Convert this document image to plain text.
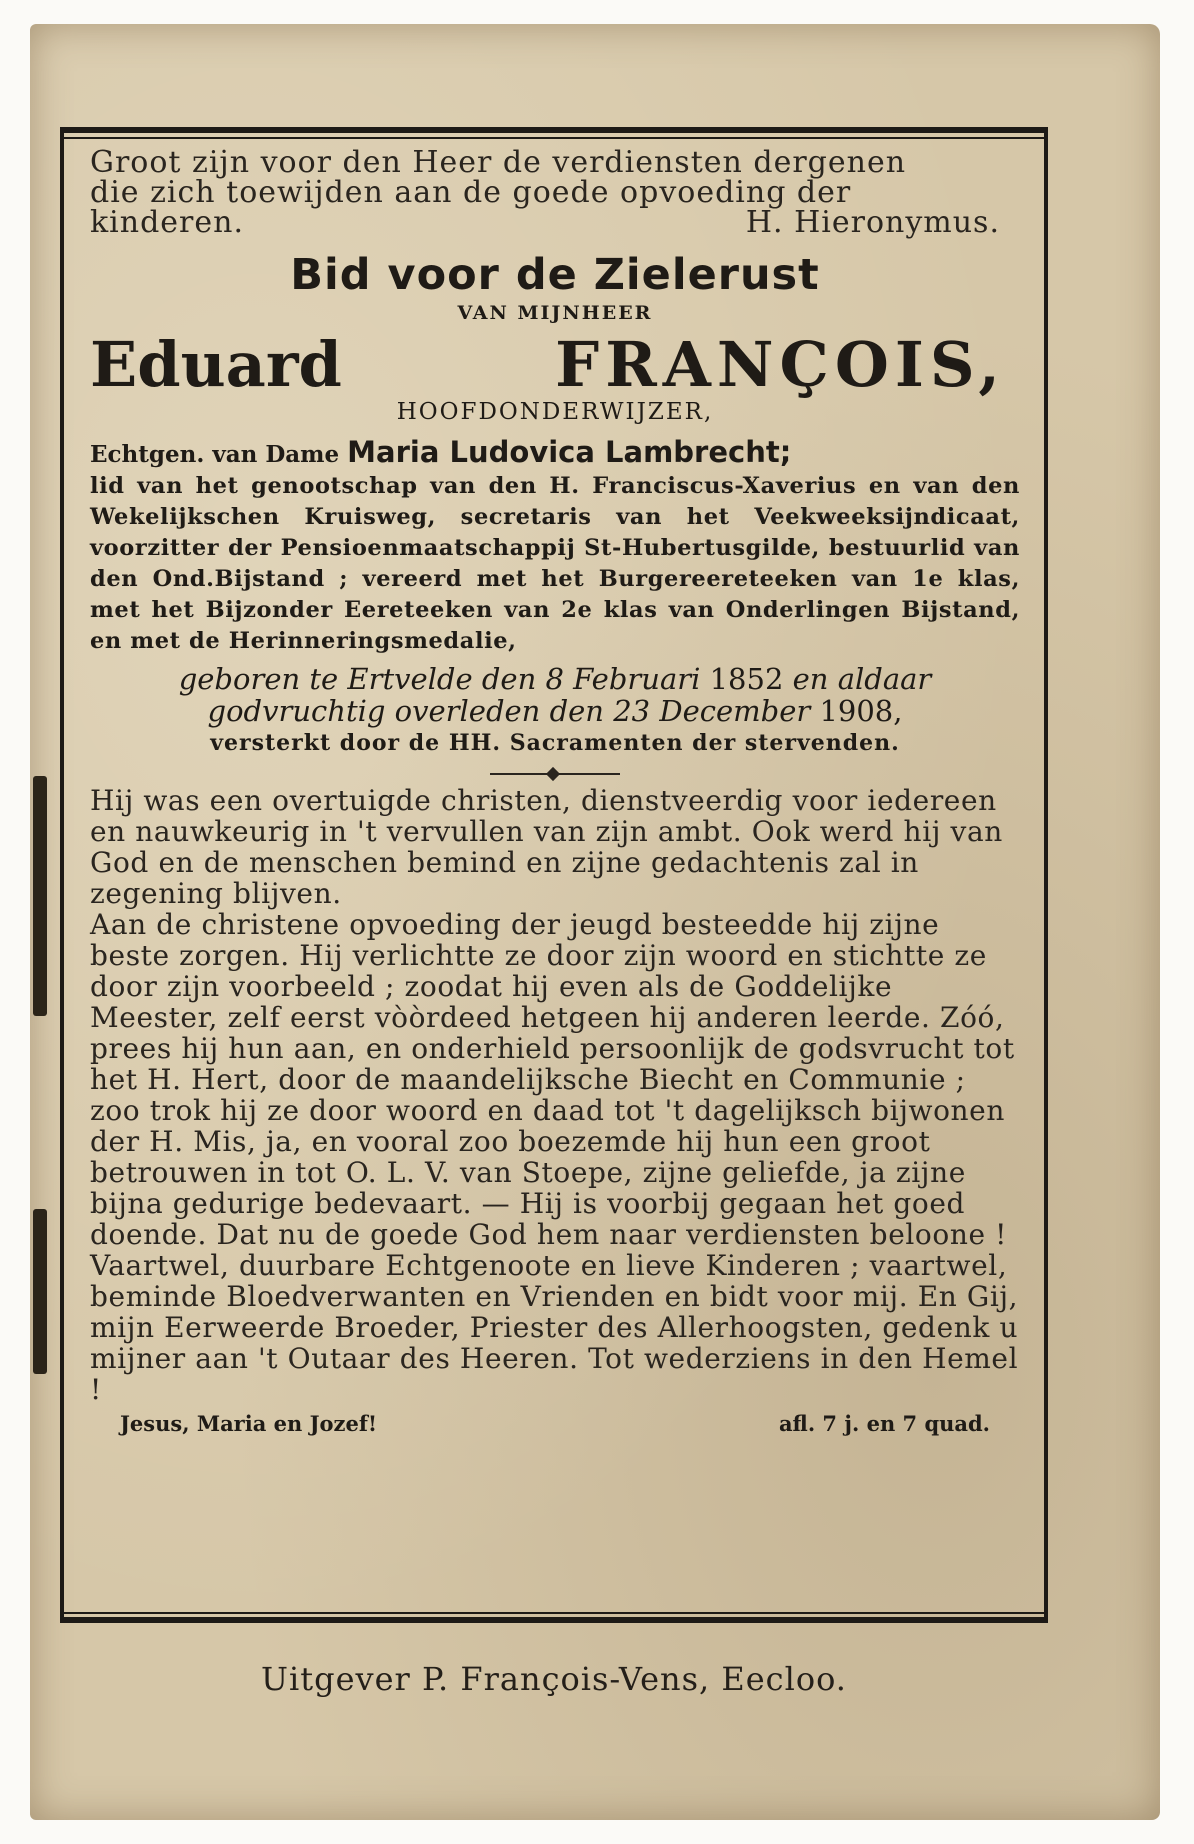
Groot zijn voor den Heer de verdiensten dergenen
die zich toewijden aan de goede opvoeding der
kinderen.	H. Hieronymus.
Bid voor de Zielerust
VAN MIJNHEER
Eduard	FRANÇOIS,
HOOFDONDERWIJZER,
Echtgen. van Dame Maria Ludovica Lambrecht;
lid van het genootschap van den H. Franciscus-Xaverius en van den Wekelijkschen Kruisweg, secretaris van het Veekweeksijndicaat, voorzitter der Pensioenmaatschappij St-Hubertusgilde, bestuurlid van den Ond.Bijstand ; vereerd met het Burgereereteeken van 1e klas, met het Bijzonder Eereteeken van 2e klas van Onderlingen Bijstand, en met de Herinneringsmedalie,
geboren te Ertvelde den 8 Februari 1852 en aldaar
godvruchtig overleden den 23 December 1908,
versterkt door de HH. Sacramenten der stervenden.

Hij was een overtuigde christen, dienstveerdig voor iedereen en nauwkeurig in 't vervullen van zijn ambt. Ook werd hij van God en de menschen bemind en zijne gedachtenis zal in zegening blijven.

Aan de christene opvoeding der jeugd besteedde hij zijne beste zorgen. Hij verlichtte ze door zijn woord en stichtte ze door zijn voorbeeld ; zoodat hij even als de Goddelijke Meester, zelf eerst vòòrdeed hetgeen hij anderen leerde. Zóó, prees hij hun aan, en onderhield persoonlijk de godsvrucht tot het H. Hert, door de maandelijksche Biecht en Communie ; zoo trok hij ze door woord en daad tot 't dagelijksch bijwonen der H. Mis, ja, en vooral zoo boezemde hij hun een groot betrouwen in tot O. L. V. van Stoepe, zijne geliefde, ja zijne bijna gedurige bedevaart. — Hij is voorbij gegaan het goed doende. Dat nu de goede God hem naar verdiensten beloone !

Vaartwel, duurbare Echtgenoote en lieve Kinderen ; vaartwel, beminde Bloedverwanten en Vrienden en bidt voor mij. En Gij, mijn Eerweerde Broeder, Priester des Allerhoogsten, gedenk u mijner aan 't Outaar des Heeren. Tot wederziens in den Hemel !

Jesus, Maria en Jozef!	afl. 7 j. en 7 quad.
Uitgever P. François-Vens, Eecloo.
